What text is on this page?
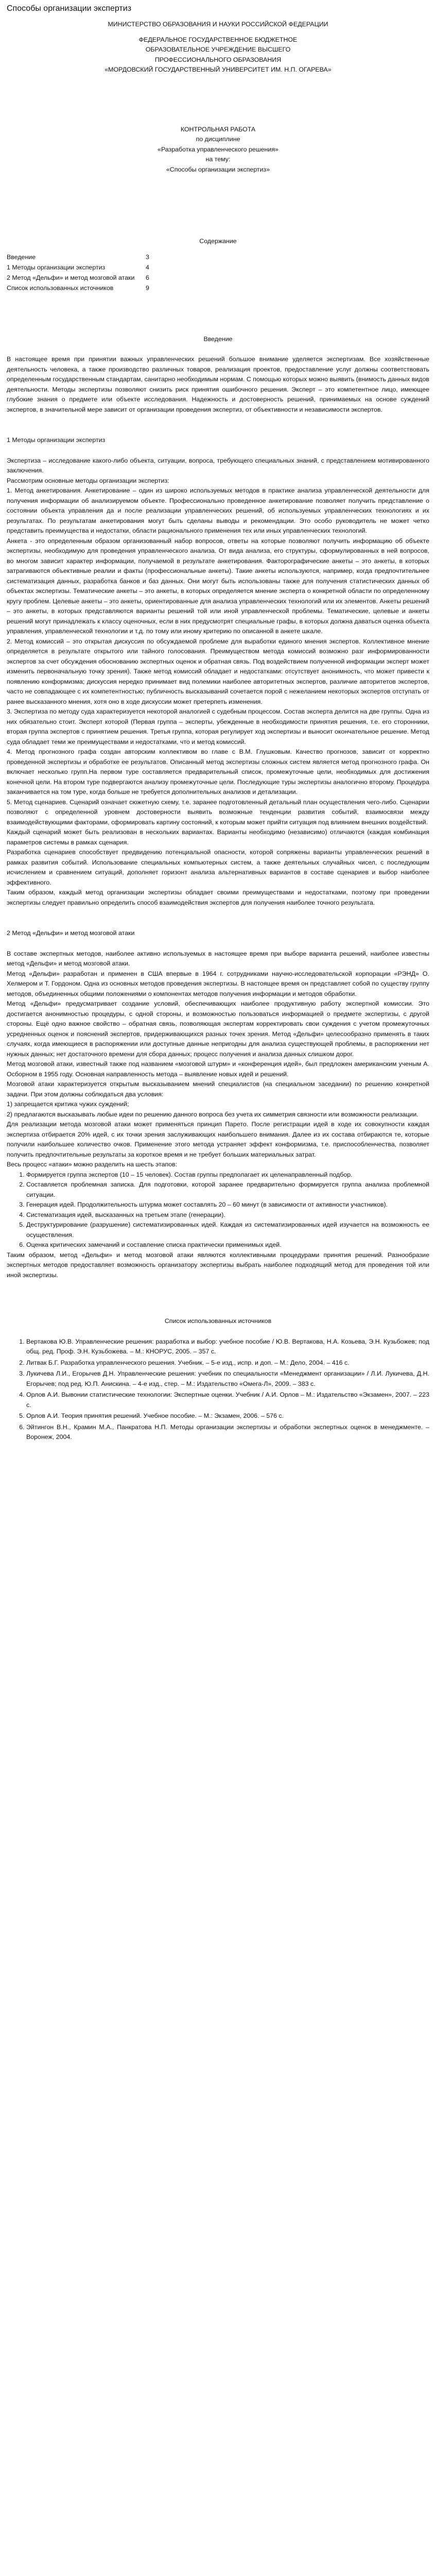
Способы организации экспертиз

МИНИСТЕРСТВО ОБРАЗОВАНИЯ И НАУКИ РОССИЙСКОЙ ФЕДЕРАЦИИ

ФЕДЕРАЛЬНОЕ ГОСУДАРСТВЕННОЕ БЮДЖЕТНОЕ

ОБРАЗОВАТЕЛЬНОЕ УЧРЕЖДЕНИЕ ВЫСШЕГО

ПРОФЕССИОНАЛЬНОГО ОБРАЗОВАНИЯ

«МОРДОВСКИЙ ГОСУДАРСТВЕННЫЙ УНИВЕРСИТЕТ ИМ. Н.П. ОГАРЕВА»

КОНТРОЛЬНАЯ РАБОТА

по дисциплине

«Разработка управленческого решения»

на тему:

«Способы организации экспертиз»

Содержание

Введение	3
1 Методы организации экспертиз	4
2 Метод «Дельфи» и метод мозговой атаки	6
Список использованных источников	9

Введение

В настоящее время при принятии важных управленческих решений большое внимание уделяется экспертизам. Все хозяйственные деятельность человека, а также производство различных товаров, реализация проектов, предоставление услуг должны соответствовать определенным государственным стандартам, санитарно необходимым нормам. С помощью которых можно выявить (внимость данных видов деятельности. Методы экспертизы позволяют снизить риск принятия ошибочного решения. Эксперт – это компетентное лицо, имеющее глубокие знания о предмете или объекте исследования. Надежность и достоверность решений, принимаемых на основе суждений экспертов, в значительной мере зависит от организации проведения экспертиз, от объективности и независимости экспертов.

1 Методы организации экспертиз

Экспертиза – исследование какого-либо объекта, ситуации, вопроса, требующего специальных знаний, с представлением мотивированного заключения.

Рассмотрим основные методы организации экспертиз:

1. Метод анкетирования. Анкетирование – один из широко используемых методов в практике анализа управленческой деятельности для получения информации об анализируемом объекте. Профессионально проведенное анкетирование позволяет получить представление о состоянии объекта управления да и после реализации управленческих решений, об используемых управленческих технологиях и их результатах. По результатам анкетирования могут быть сделаны выводы и рекомендации. Это особо руководитель не может четко представить преимущества и недостатки, области рационального применения тех или иных управленческих технологий.

Анкета - это определенным образом организованный набор вопросов, ответы на которые позволяют получить информацию об объекте экспертизы, необходимую для проведения управленческого анализа. От вида анализа, его структуры, сформулированных в ней вопросов, во многом зависит характер информации, получаемой в результате анкетирования. Факторографические анкеты – это анкеты, в которых затрагиваются объективные реалии и факты (профессиональные анкеты). Такие анкеты используются, например, когда предпочтительнее систематизация данных, разработка банков и баз данных. Они могут быть использованы также для получения статистических данных об объектах экспертизы. Тематические анкеты – это анкеты, в которых определяется мнение эксперта о конкретной области по определенному кругу проблем. Целевые анкеты – это анкеты, ориентированные для анализа управленческих технологий или их элементов. Анкеты решений – это анкеты, в которых представляются варианты решений той или иной управленческой проблемы. Тематические, целевые и анкеты решений могут принадлежать к классу оценочных, если в них предусмотрят специальные графы, в которых должна даваться оценка объекта управления, управленческой технологии и т.д. по тому или иному критерию по описанной в анкете шкале.

2. Метод комиссий – это открытая дискуссия по обсуждаемой проблеме для выработки единого мнения экспертов. Коллективное мнение определяется в результате открытого или тайного голосования. Преимуществом метода комиссий возможно разг информированности экспертов за счет обсуждения обоснованию экспертных оценок и обратная связь. Под воздействием полученной информации эксперт может изменить первоначальную точку зрения). Также метод комиссий обладает и недостатками: отсутствует анонимность, что может привести к появлению конформизма; дискуссия нередко принимает вид полемики наиболее авторитетных экспертов, различие авторитетов экспертов, часто не совпадающее с их компетентностью; публичность высказываний сочетается порой с нежеланием некоторых экспертов отступать от ранее высказанного мнения, хотя оно в ходе дискуссии может претерпеть изменения.

3. Экспертиза по методу суда характеризуется некоторой аналогией с судебным процессом. Состав эксперта делится на две группы. Одна из них обязательно стоит. Эксперт которой (Первая группа – эксперты, убежденные в необходимости принятия решения, т.е. его сторонники, вторая группа экспертов с принятием решения. Третья группа, которая регулирует ход экспертизы и выносит окончательное решение. Метод суда обладает теми же преимуществами и недостатками, что и метод комиссий.

4. Метод прогнозного графа создан авторским коллективом во главе с В.М. Глушковым. Качество прогнозов, зависит от корректно проведенной экспертизы и обработке ее результатов. Описанный метод экспертизы сложных систем является метод прогнозного графа. Он включает несколько групп.На первом туре составляется предварительный список, промежуточные цели, необходимых для достижения конечной цели. На втором туре подвергаются анализу промежуточные цели. Последующие туры экспертизы аналогично второму. Процедура заканчивается на том туре, когда больше не требуется дополнительных анализов и детализации.

5. Метод сценариев. Сценарий означает сюжетную схему, т.е. заранее подготовленный детальный план осуществления чего-либо. Сценарии позволяют с определенной уровнем достоверности выявить возможные тенденции развития событий, взаимосвязи между взаимодействующими факторами, сформировать картину состояний, к которым может прийти ситуация под влиянием внешних воздействий.

Каждый сценарий может быть реализован в нескольких вариантах. Варианты необходимо (независимо) отличаются (каждая комбинация параметров системы в рамках сценария.

Разработка сценариев способствует предвидению потенциальной опасности, которой сопряжены варианты управленческих решений в рамках развития событий. Использование специальных компьютерных систем, а также деятельных случайных чисел, с последующим исчислением и сравнением ситуаций, дополняет горизонт анализа альтернативных вариантов в составе сценариев и выбор наиболее эффективного.

Таким образом, каждый метод организации экспертизы обладает своими преимуществами и недостатками, поэтому при проведении экспертизы следует правильно определить способ взаимодействия экспертов для получения наиболее точного результата.

2 Метод «Дельфи» и метод мозговой атаки

В составе экспертных методов, наиболее активно используемых в настоящее время при выборе варианта решений, наиболее известны метод «Дельфи» и метод мозговой атаки.

Метод «Дельфи» разработан и применен в США впервые в 1964 г. сотрудниками научно-исследовательской корпорации «РЭНД» О. Хелмером и Т. Гордоном. Одна из основных методов проведения экспертизы. В настоящее время он представляет собой по существу группу методов, объединенных общими положениями о компонентах методов получения информации и методов обработки.

Метод «Дельфи» предусматривает создание условий, обеспечивающих наиболее продуктивную работу экспертной комиссии. Это достигается анонимностью процедуры, с одной стороны, и возможностью пользоваться информацией о предмете экспертизы, с другой стороны. Ещё одно важное свойство – обратная связь, позволяющая экспертам корректировать свои суждения с учетом промежуточных усредненных оценок и пояснений экспертов, придерживающихся разных точек зрения. Метод «Дельфи» целесообразно применять в таких случаях, когда имеющиеся в распоряжении или доступные данные непригодны для анализа существующей проблемы, в распоряжении нет нужных данных; нет достаточного времени для сбора данных; процесс получения и анализа данных слишком дорог.

Метод мозговой атаки, известный также под названием «мозговой штурм» и «конференция идей», был предложен американским ученым А. Осборном в 1955 году. Основная направленность метода – выявление новых идей и решений.

Мозговой атаки характеризуется открытым высказыванием мнений специалистов (на специальном заседании) по решению конкретной задачи. При этом должны соблюдаться два условия:

1) запрещается критика чужих суждений;

2) предлагаются высказывать любые идеи по решению данного вопроса без учета их симметрия связности или возможности реализации.

Для реализации метода мозговой атаки может применяться принцип Парето. После регистрации идей в ходе их совокупности каждая экспертиза отбирается 20% идей, с их точки зрения заслуживающих наибольшего внимания. Далее из их состава отбираются те, которые получили наибольшее количество очков. Применение этого метода устраняет эффект конформизма, т.е. приспособленчества, позволяет получить предпочтительные результаты за короткое время и не требует больших материальных затрат.

Весь процесс «атаки» можно разделить на шесть этапов:

1. Формируется группа экспертов (10 – 15 человек). Состав группы предполагает их целенаправленный подбор.
2. Составляется проблемная записка. Для подготовки, которой заранее предварительно формируется группа анализа проблемной ситуации.
3. Генерация идей. Продолжительность штурма может составлять 20 – 60 минут (в зависимости от активности участников).
4. Систематизация идей, высказанных на третьем этапе (генерации).
5. Деструктурирование (разрушение) систематизированных идей. Каждая из систематизированных идей изучается на возможность ее осуществления.
6. Оценка критических замечаний и составление списка практически применимых идей.

Таким образом, метод «Дельфи» и метод мозговой атаки являются коллективными процедурами принятия решений. Разнообразие экспертных методов предоставляет возможность организатору экспертизы выбрать наиболее подходящий метод для проведения той или иной экспертизы.

Список использованных источников

1. Вертакова Ю.В. Управленческие решения: разработка и выбор: учебное пособие / Ю.В. Вертакова, Н.А. Козьева, Э.Н. Кузьбожев; под общ. ред. Проф. Э.Н. Кузьбожева. – М.: КНОРУС, 2005. – 357 с.
2. Литвак Б.Г. Разработка управленческого решения. Учебник. – 5-е изд., испр. и доп. – М.: Дело, 2004. – 416 с.
3. Лукичева Л.И., Егорычев Д.Н. Управленческие решения: учебник по специальности «Менеджмент организации» / Л.И. Лукичева, Д.Н. Егорычев; под ред. Ю.П. Анискина. – 4-е изд., стер. – М.: Издательство «Омега-Л», 2009. – 383 с.
4. Орлов А.И. Вывонии статистические технологии: Экспертные оценки. Учебник / А.И. Орлов – М.: Издательство «Экзамен», 2007. – 223 с.
5. Орлов А.И. Теория принятия решений. Учебное пособие. – М.: Экзамен, 2006. – 576 с.
6. Эйтингон В.Н., Крамин М.А., Панкратова Н.П. Методы организации экспертизы и обработки экспертных оценок в менеджменте. – Воронеж, 2004.
